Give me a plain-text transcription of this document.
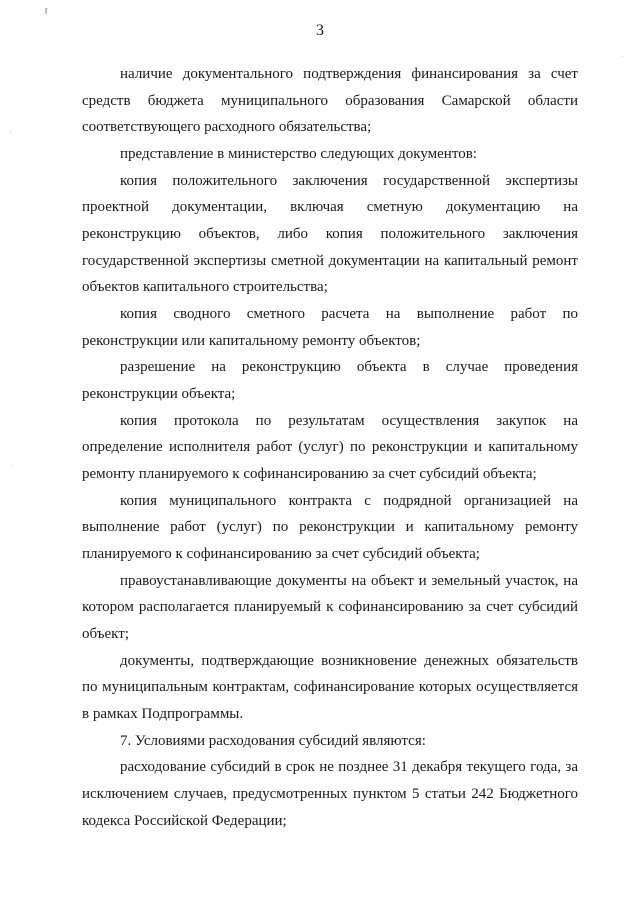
3

наличие документального подтверждения финансирования за счет средств бюджета муниципального образования Самарской области соответствующего расходного обязательства;

представление в министерство следующих документов:

копия положительного заключения государственной экспертизы проектной документации, включая сметную документацию на реконструкцию объектов, либо копия положительного заключения государственной экспертизы сметной документации на капитальный ремонт объектов капитального строительства;

копия сводного сметного расчета на выполнение работ по реконструкции или капитальному ремонту объектов;

разрешение на реконструкцию объекта в случае проведения реконструкции объекта;

копия протокола по результатам осуществления закупок на определение исполнителя работ (услуг) по реконструкции и капитальному ремонту планируемого к софинансированию за счет субсидий объекта;

копия муниципального контракта с подрядной организацией на выполнение работ (услуг) по реконструкции и капитальному ремонту планируемого к софинансированию за счет субсидий объекта;

правоустанавливающие документы на объект и земельный участок, на котором располагается планируемый к софинансированию за счет субсидий объект;

документы, подтверждающие возникновение денежных обязательств по муниципальным контрактам, софинансирование которых осуществляется в рамках Подпрограммы.

7. Условиями расходования субсидий являются:

расходование субсидий в срок не позднее 31 декабря текущего года, за исключением случаев, предусмотренных пунктом 5 статьи 242 Бюджетного кодекса Российской Федерации;
